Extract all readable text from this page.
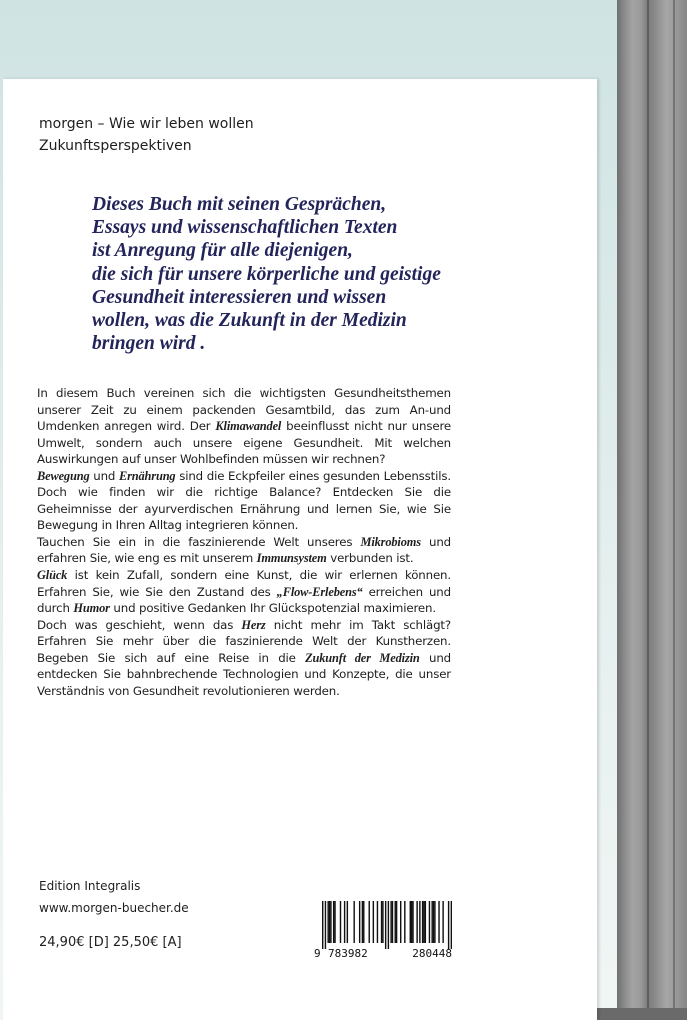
morgen – Wie wir leben wollen
Zukunftsperspektiven
Dieses Buch mit seinen Gesprächen,
Essays und wissenschaftlichen Texten
ist Anregung für alle diejenigen,
die sich für unsere körperliche und geistige
Gesundheit interessieren und wissen
wollen, was die Zukunft in der Medizin
bringen wird .

In diesem Buch vereinen sich die wichtigsten Gesundheitsthemen unserer Zeit zu einem packenden Gesamtbild, das zum An-und Umdenken anregen wird. Der Klimawandel beeinflusst nicht nur unsere Umwelt, sondern auch unsere eigene Gesundheit. Mit welchen Auswirkungen auf unser Wohlbefinden müssen wir rechnen?

Bewegung und Ernährung sind die Eckpfeiler eines gesunden Lebensstils. Doch wie finden wir die richtige Balance? Entdecken Sie die Geheimnisse der ayurverdischen Ernährung und lernen Sie, wie Sie Bewegung in Ihren Alltag integrieren können.

Tauchen Sie ein in die faszinierende Welt unseres Mikrobioms und erfahren Sie, wie eng es mit unserem Immunsystem verbunden ist.

Glück ist kein Zufall, sondern eine Kunst, die wir erlernen können. Erfahren Sie, wie Sie den Zustand des „Flow-Erlebens“ erreichen und durch Humor und positive Gedanken Ihr Glückspotenzial maximieren.

Doch was geschieht, wenn das Herz nicht mehr im Takt schlägt? Erfahren Sie mehr über die faszinierende Welt der Kunstherzen. Begeben Sie sich auf eine Reise in die Zukunft der Medizin und entdecken Sie bahnbrechende Technologien und Konzepte, die unser Verständnis von Gesundheit revolutionieren werden.

Edition Integralis
www.morgen-buecher.de
24,90€ [D] 25,50€ [A]
9 783982	280448
